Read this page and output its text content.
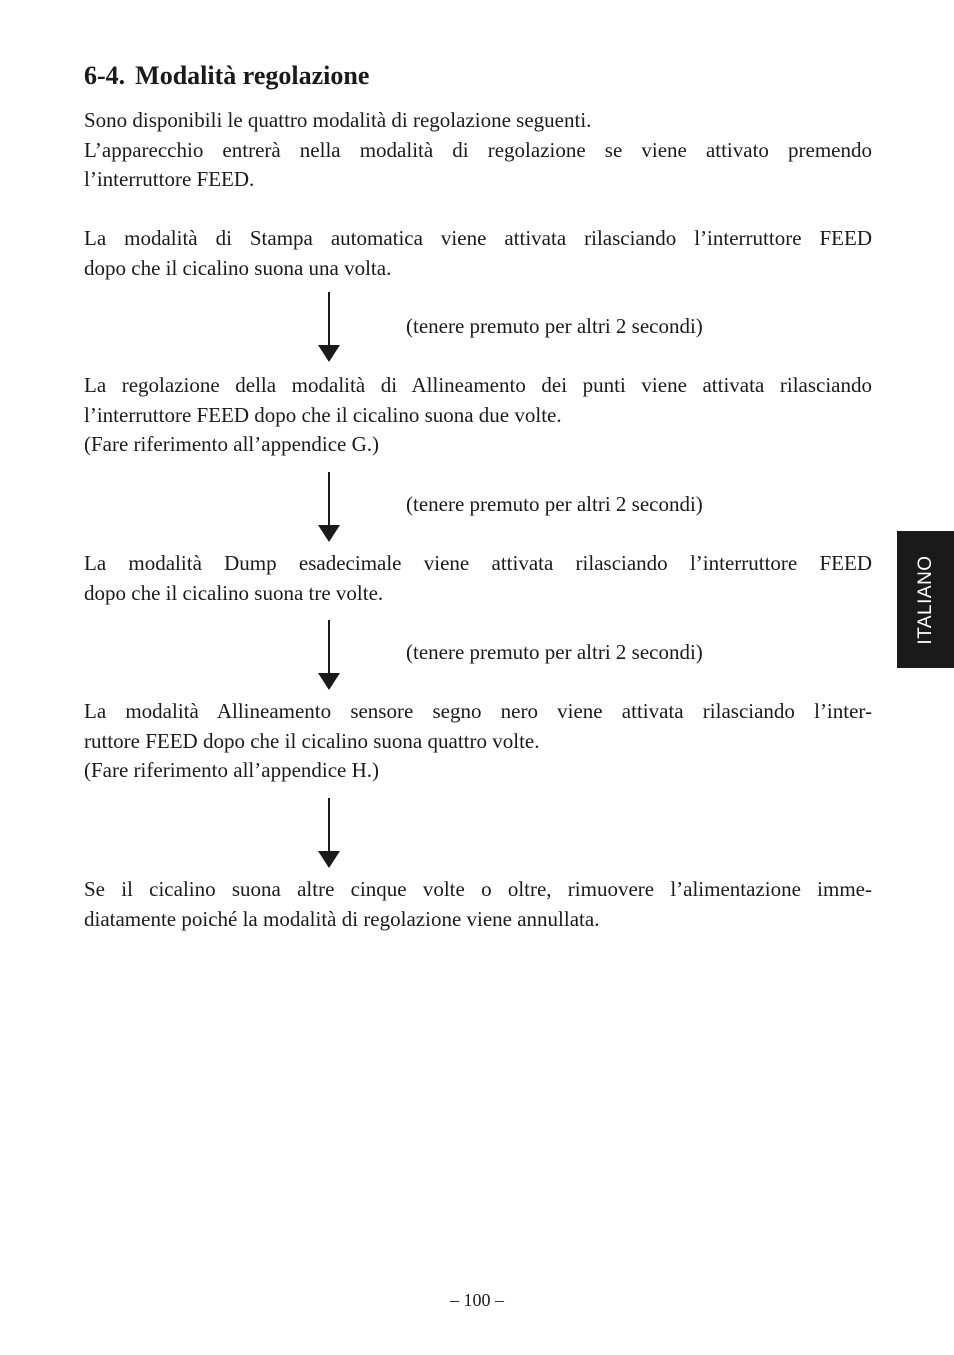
6-4. Modalità regolazione
Sono disponibili le quattro modalità di regolazione seguenti.
L’apparecchio entrerà nella modalità di regolazione se viene attivato premendo
l’interruttore FEED.
La modalità di Stampa automatica viene attivata rilasciando l’interruttore FEED
dopo che il cicalino suona una volta.

(tenere premuto per altri 2 secondi)

La regolazione della modalità di Allineamento dei punti viene attivata rilasciando
l’interruttore FEED dopo che il cicalino suona due volte.
(Fare riferimento all’appendice G.)

(tenere premuto per altri 2 secondi)

La modalità Dump esadecimale viene attivata rilasciando l’interruttore FEED
dopo che il cicalino suona tre volte.

(tenere premuto per altri 2 secondi)

La modalità Allineamento sensore segno nero viene attivata rilasciando l’inter-
ruttore FEED dopo che il cicalino suona quattro volte.
(Fare riferimento all’appendice H.)

Se il cicalino suona altre cinque volte o oltre, rimuovere l’alimentazione imme-
diatamente poiché la modalità di regolazione viene annullata.
ITALIANO

– 100 –
